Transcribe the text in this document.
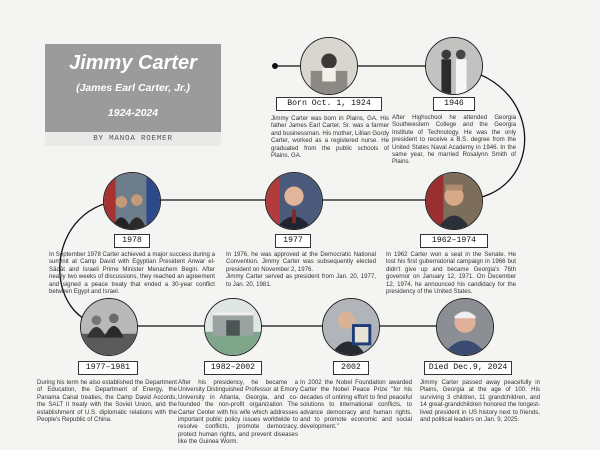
Jimmy Carter
(James Earl Carter, Jr.)
1924-2024
BY MANOA ROEMER
Born Oct. 1, 1924
Jimmy Carter was born in Plains, GA. His father James Earl Carter, Sr. was a farmer and businessman. His mother, Lillian Gordy Carter, worked as a registered nurse. He graduated from the public schools of Plains, GA.
1946
After Highschool he attended Georgia Southwestern College and the Georgia Institute of Technology. He was the only president to receive a B.S. degree from the United States Naval Academy in 1946. In the same year, he married Rosalynn Smith of Plains.
1962–1974
In 1962 Carter won a seat in the Senate. He lost his first gubernatorial campaign in 1966 but didn't give up and became Georgia's 76th governor on January 12, 1971. On December 12, 1974, he announced his candidacy for the presidency of the United States.
1977
In 1976, he was approved at the Democratic National Convention. Jimmy Carter was subsequently elected president on November 2, 1976.
Jimmy Carter served as president from Jan. 20, 1977, to Jan. 20, 1981.
1978
In September 1978 Carter achieved a major success during a summit at Camp David with Egyptian President Anwar el-Sādāt and Israeli Prime Minister Menachem Begin. After nearly two weeks of discussions, they reached an agreement and signed a peace treaty that ended a 30-year conflict between Egypt and Israel.
1977–1981
During his term he also established the Department of Education, the Department of Energy, the Panama Canal treaties, the Camp David Accords, the SALT II treaty with the Soviet Union, and the establishment of U.S. diplomatic relations with the People's Republic of China.
1982–2002
After his presidency, he became a University Distinguished Professor at Emory University in Atlanta, Georgia, and co-founded the non-profit organization The Carter Center with his wife which addresses important public policy issues worldwide to resolve conflicts, promote democracy, protect human rights, and prevent diseases like the Guinea Worm.
2002
In 2002 the Nobel Foundation awarded Carter the Nobel Peace Prize "for his decades of untiring effort to find peaceful solutions to international conflicts, to advance democracy and human rights, and to promote economic and social development."
Died Dec.9, 2024
Jimmy Carter passed away peacefully in Plains, Georgia at the age of 100. His surviving 3 children, 11 grandchildren, and 14 great-grandchildren honored the longest-lived president in US history next to friends, and political leaders on Jan. 9, 2025.
